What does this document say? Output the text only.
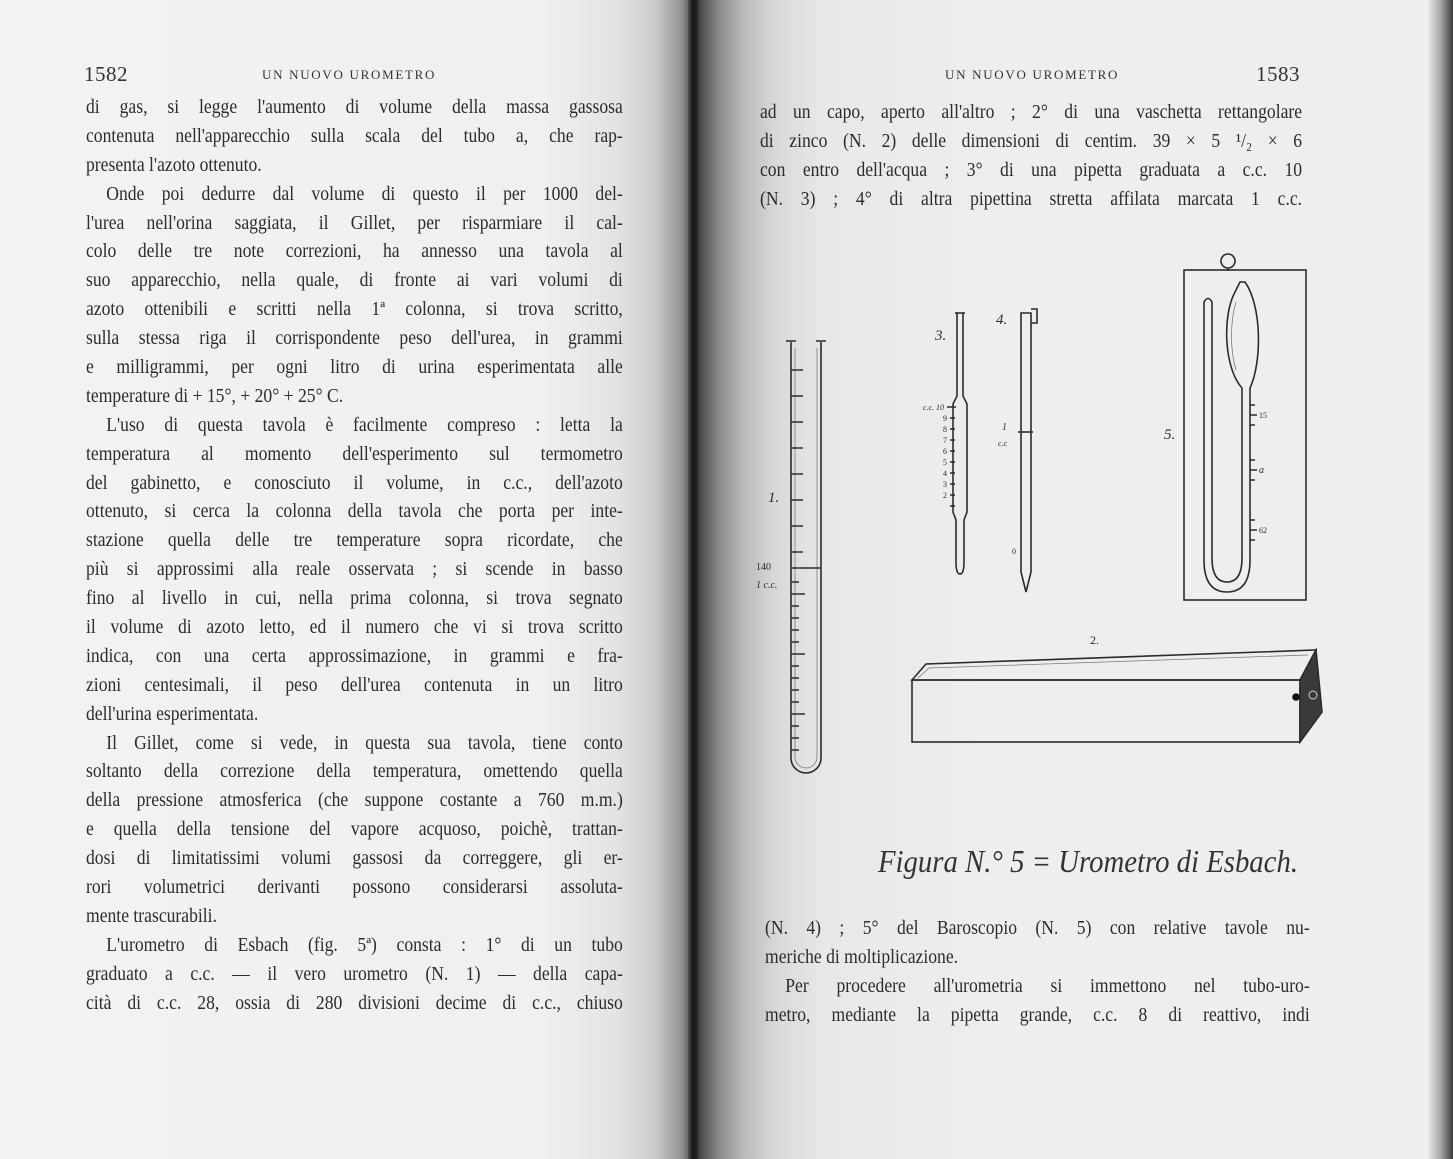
1582	UN NUOVO UROMETRO
di gas, si legge l'aumento di volume della massa gassosa
contenuta nell'apparecchio sulla scala del tubo a, che rap-
presenta l'azoto ottenuto.
Onde poi dedurre dal volume di questo il per 1000 del-
l'urea nell'orina saggiata, il Gillet, per risparmiare il cal-
colo delle tre note correzioni, ha annesso una tavola al
suo apparecchio, nella quale, di fronte ai vari volumi di
azoto ottenibili e scritti nella 1ª colonna, si trova scritto,
sulla stessa riga il corrispondente peso dell'urea, in grammi
e milligrammi, per ogni litro di urina esperimentata alle
temperature di + 15°, + 20° + 25° C.
L'uso di questa tavola è facilmente compreso : letta la
temperatura al momento dell'esperimento sul termometro
del gabinetto, e conosciuto il volume, in c.c., dell'azoto
ottenuto, si cerca la colonna della tavola che porta per inte-
stazione quella delle tre temperature sopra ricordate, che
più si approssimi alla reale osservata ; si scende in basso
fino al livello in cui, nella prima colonna, si trova segnato
il volume di azoto letto, ed il numero che vi si trova scritto
indica, con una certa approssimazione, in grammi e fra-
zioni centesimali, il peso dell'urea contenuta in un litro
dell'urina esperimentata.
Il Gillet, come si vede, in questa sua tavola, tiene conto
soltanto della correzione della temperatura, omettendo quella
della pressione atmosferica (che suppone costante a 760 m.m.)
e quella della tensione del vapore acquoso, poichè, trattan-
dosi di limitatissimi volumi gassosi da correggere, gli er-
rori volumetrici derivanti possono considerarsi assoluta-
mente trascurabili.
L'urometro di Esbach (fig. 5ª) consta : 1° di un tubo
graduato a c.c. — il vero urometro (N. 1) — della capa-
cità di c.c. 28, ossia di 280 divisioni decime di c.c., chiuso
UN NUOVO UROMETRO	1583
ad un capo, aperto all'altro ; 2° di una vaschetta rettangolare
di zinco (N. 2) delle dimensioni di centim. 39 × 5 ¹/₂ × 6
con entro dell'acqua ; 3° di una pipetta graduata a c.c. 10
(N. 3) ; 4° di altra pipettina stretta affilata marcata 1 c.c.
1.
140
1 c.c.
3.
c.c. 10
9
8
7
6
5
4
3
2
4.
1
c.c
0
5.
15
a
62
2.
Figura N.° 5 = Urometro di Esbach.
(N. 4) ; 5° del Baroscopio (N. 5) con relative tavole nu-
meriche di moltiplicazione.
Per procedere all'urometria si immettono nel tubo-uro-
metro, mediante la pipetta grande, c.c. 8 di reattivo, indi
